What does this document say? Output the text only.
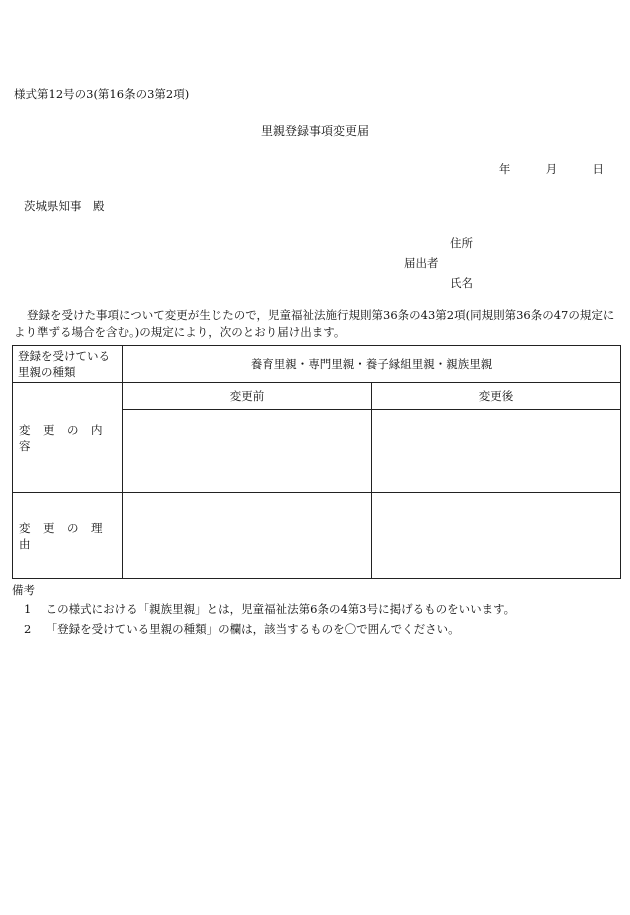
様式第12号の3(第16条の3第2項)
里親登録事項変更届
年	月	日
茨城県知事　殿
住所
届出者
氏名
登録を受けた事項について変更が生じたので，児童福祉法施行規則第36条の43第2項(同規則第36条の47の規定により準ずる場合を含む。)の規定により，次のとおり届け出ます。
登録を受けている
里親の種類	養育里親・専門里親・養子縁組里親・親族里親	
変 更 の 内容	変更前	変更後

変 更 の 理由		
備考
1 この様式における「親族里親」とは，児童福祉法第6条の4第3号に掲げるものをいいます。
2 「登録を受けている里親の種類」の欄は，該当するものを〇で囲んでください。
